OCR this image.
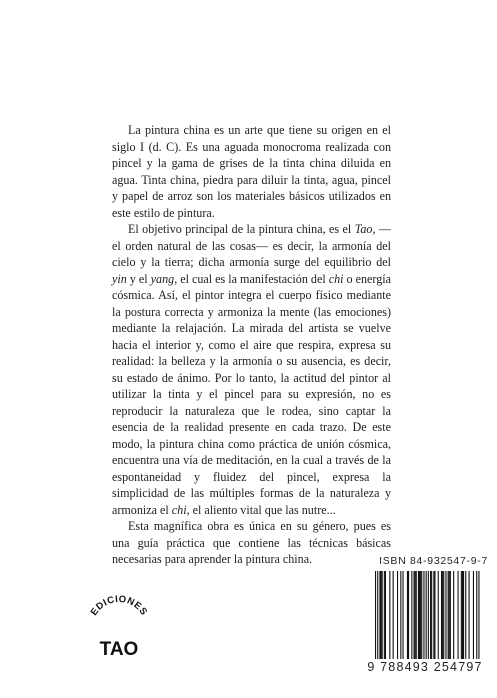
La pintura china es un arte que tiene su origen en el siglo I (d. C). Es una aguada monocroma realizada con pincel y la gama de grises de la tinta china diluida en agua. Tinta china, piedra para diluir la tinta, agua, pincel y papel de arroz son los materiales básicos utilizados en este estilo de pintura.

El objetivo principal de la pintura china, es el Tao, —el orden natural de las cosas— es decir, la armonía del cielo y la tierra; dicha armonía surge del equilibrio del yin y el yang, el cual es la manifestación del chi o energía cósmica. Así, el pintor integra el cuerpo físico mediante la postura correcta y armoniza la mente (las emociones) mediante la relajación. La mirada del artista se vuelve hacia el interior y, como el aire que respira, expresa su realidad: la belleza y la armonía o su ausencia, es decir, su estado de ánimo. Por lo tanto, la actitud del pintor al utilizar la tinta y el pincel para su expresión, no es reproducir la naturaleza que le rodea, sino captar la esencia de la realidad presente en cada trazo. De este modo, la pintura china como práctica de unión cósmica, encuentra una vía de meditación, en la cual a través de la espontaneidad y fluidez del pincel, expresa la simplicidad de las múltiples formas de la naturaleza y armoniza el chi, el aliento vital que las nutre...

Esta magnífica obra es única en su género, pues es una guía práctica que contiene las técnicas básicas necesarias para aprender la pintura china.	ISBN 84-932547-9-7
9 788493 254797
EDICIONES
TAO
